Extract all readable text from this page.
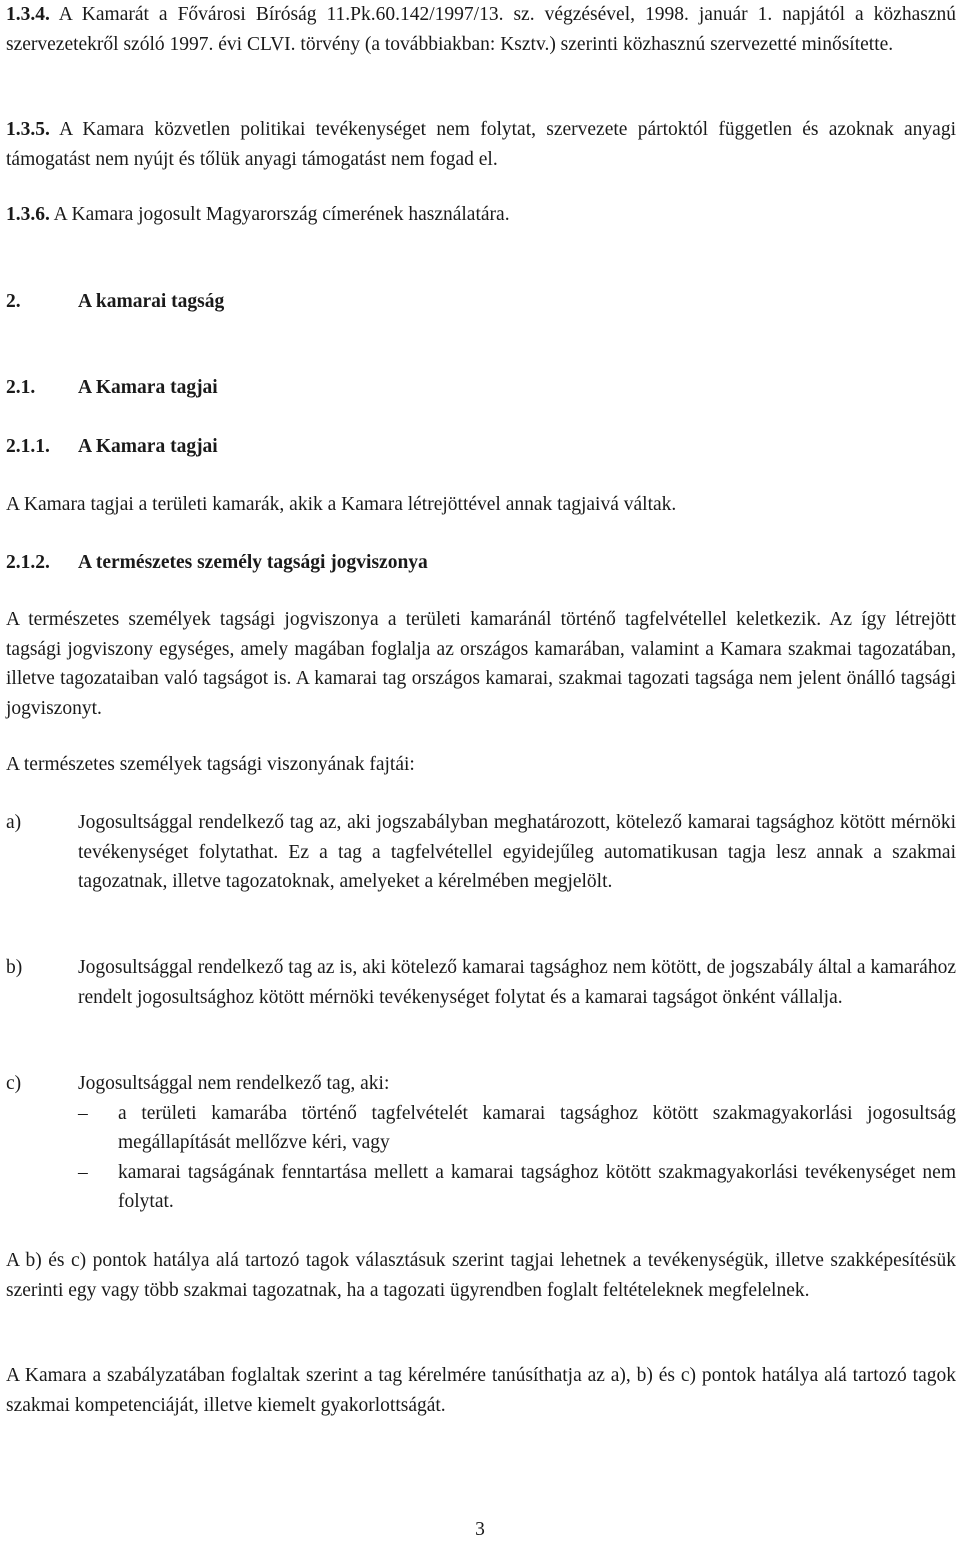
1.3.4. A Kamarát a Fővárosi Bíróság 11.Pk.60.142/1997/13. sz. végzésével, 1998. január 1. napjától a közhasznú szervezetekről szóló 1997. évi CLVI. törvény (a továbbiakban: Ksztv.) szerinti közhasznú szervezetté minősítette.

1.3.5. A Kamara közvetlen politikai tevékenységet nem folytat, szervezete pártoktól független és azoknak anyagi támogatást nem nyújt és tőlük anyagi támogatást nem fogad el.

1.3.6. A Kamara jogosult Magyarország címerének használatára.

2.	A kamarai tagság

2.1. A Kamara tagjai

2.1.1. A Kamara tagjai

A Kamara tagjai a területi kamarák, akik a Kamara létrejöttével annak tagjaivá váltak.

2.1.2. A természetes személy tagsági jogviszonya

A természetes személyek tagsági jogviszonya a területi kamaránál történő tagfelvétellel keletkezik. Az így létrejött tagsági jogviszony egységes, amely magában foglalja az országos kamarában, valamint a Kamara szakmai tagozatában, illetve tagozataiban való tagságot is. A kamarai tag országos kamarai, szakmai tagozati tagsága nem jelent önálló tagsági jogviszonyt.

A természetes személyek tagsági viszonyának fajtái:

a)	Jogosultsággal rendelkező tag az, aki jogszabályban meghatározott, kötelező kamarai tagsághoz kötött mérnöki tevékenységet folytathat. Ez a tag a tagfelvétellel egyidejűleg automatikusan tagja lesz annak a szakmai tagozatnak, illetve tagozatoknak, amelyeket a kérelmében megjelölt.

b)	Jogosultsággal rendelkező tag az is, aki kötelező kamarai tagsághoz nem kötött, de jogszabály által a kamarához rendelt jogosultsághoz kötött mérnöki tevékenységet folytat és a kamarai tagságot önként vállalja.

c)	Jogosultsággal nem rendelkező tag, aki:

– a területi kamarába történő tagfelvételét kamarai tagsághoz kötött szakmagyakorlási jogosultság megállapítását mellőzve kéri, vagy

– kamarai tagságának fenntartása mellett a kamarai tagsághoz kötött szakmagyakorlási tevékenységet nem folytat.

A b) és c) pontok hatálya alá tartozó tagok választásuk szerint tagjai lehetnek a tevékenységük, illetve szakképesítésük szerinti egy vagy több szakmai tagozatnak, ha a tagozati ügyrendben foglalt feltételeknek megfelelnek.

A Kamara a szabályzatában foglaltak szerint a tag kérelmére tanúsíthatja az a), b) és c) pontok hatálya alá tartozó tagok szakmai kompetenciáját, illetve kiemelt gyakorlottságát.

3
